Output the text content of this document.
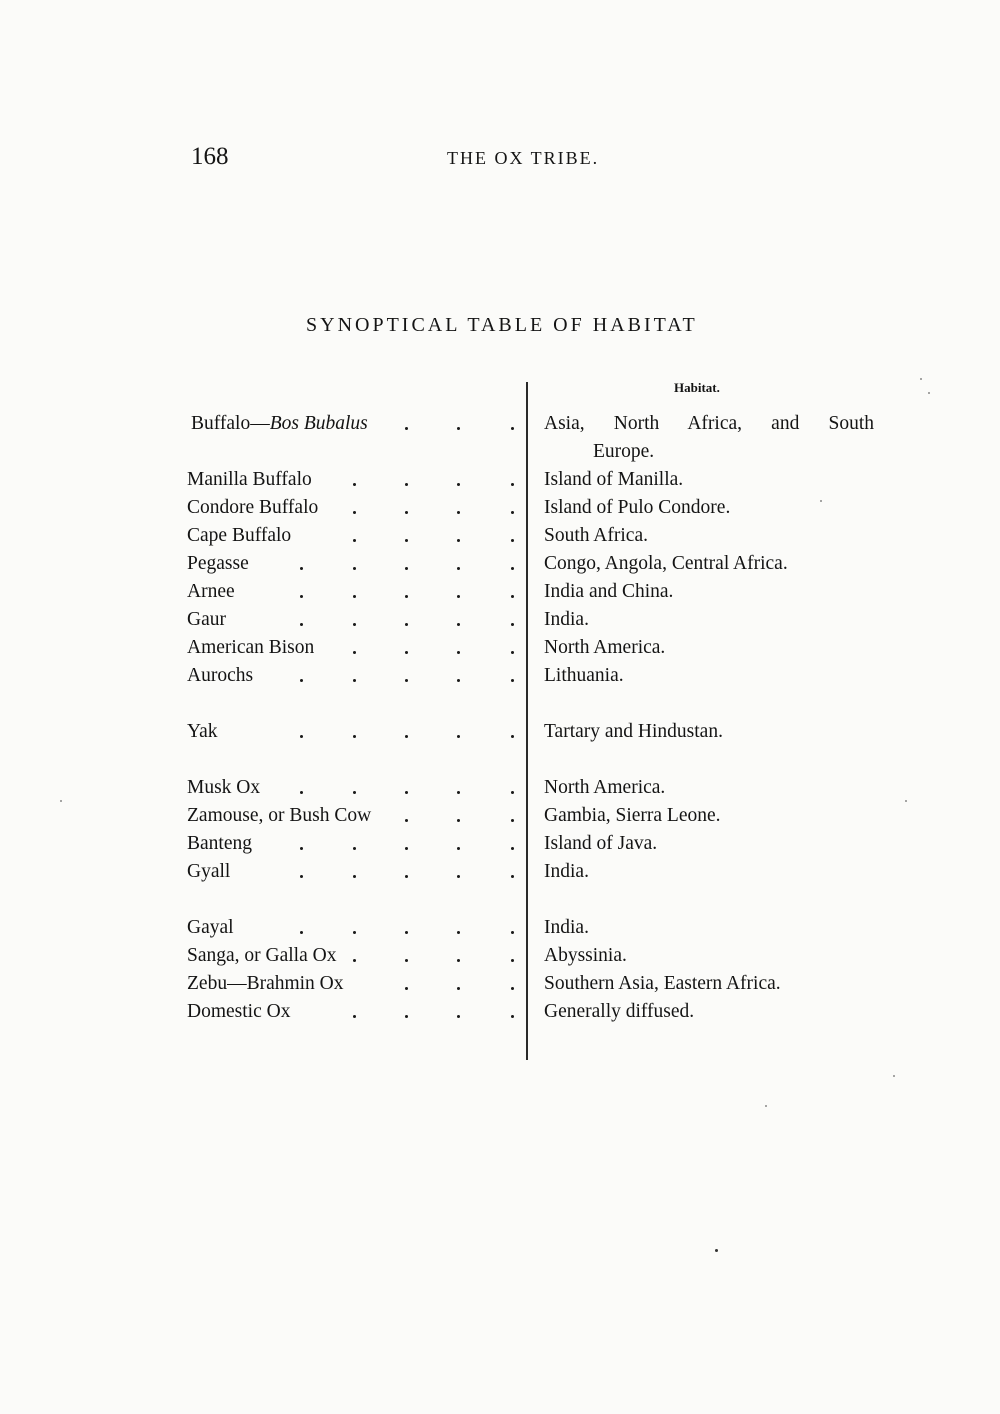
168	THE OX TRIBE.
SYNOPTICAL TABLE OF HABITAT
Habitat.
Buffalo—Bos Bubalus	Asia, North Africa, and South
Europe.
Manilla Buffalo	Island of Manilla.
Condore Buffalo	Island of Pulo Condore.
Cape Buffalo	South Africa.
Pegasse	Congo, Angola, Central Africa.
Arnee	India and China.
Gaur	India.
American Bison	North America.
Aurochs	Lithuania.
Yak	Tartary and Hindustan.
Musk Ox	North America.
Zamouse, or Bush Cow	Gambia, Sierra Leone.
Banteng	Island of Java.
Gyall	India.
Gayal	India.
Sanga, or Galla Ox	Abyssinia.
Zebu—Brahmin Ox	Southern Asia, Eastern Africa.
Domestic Ox	Generally diffused.
